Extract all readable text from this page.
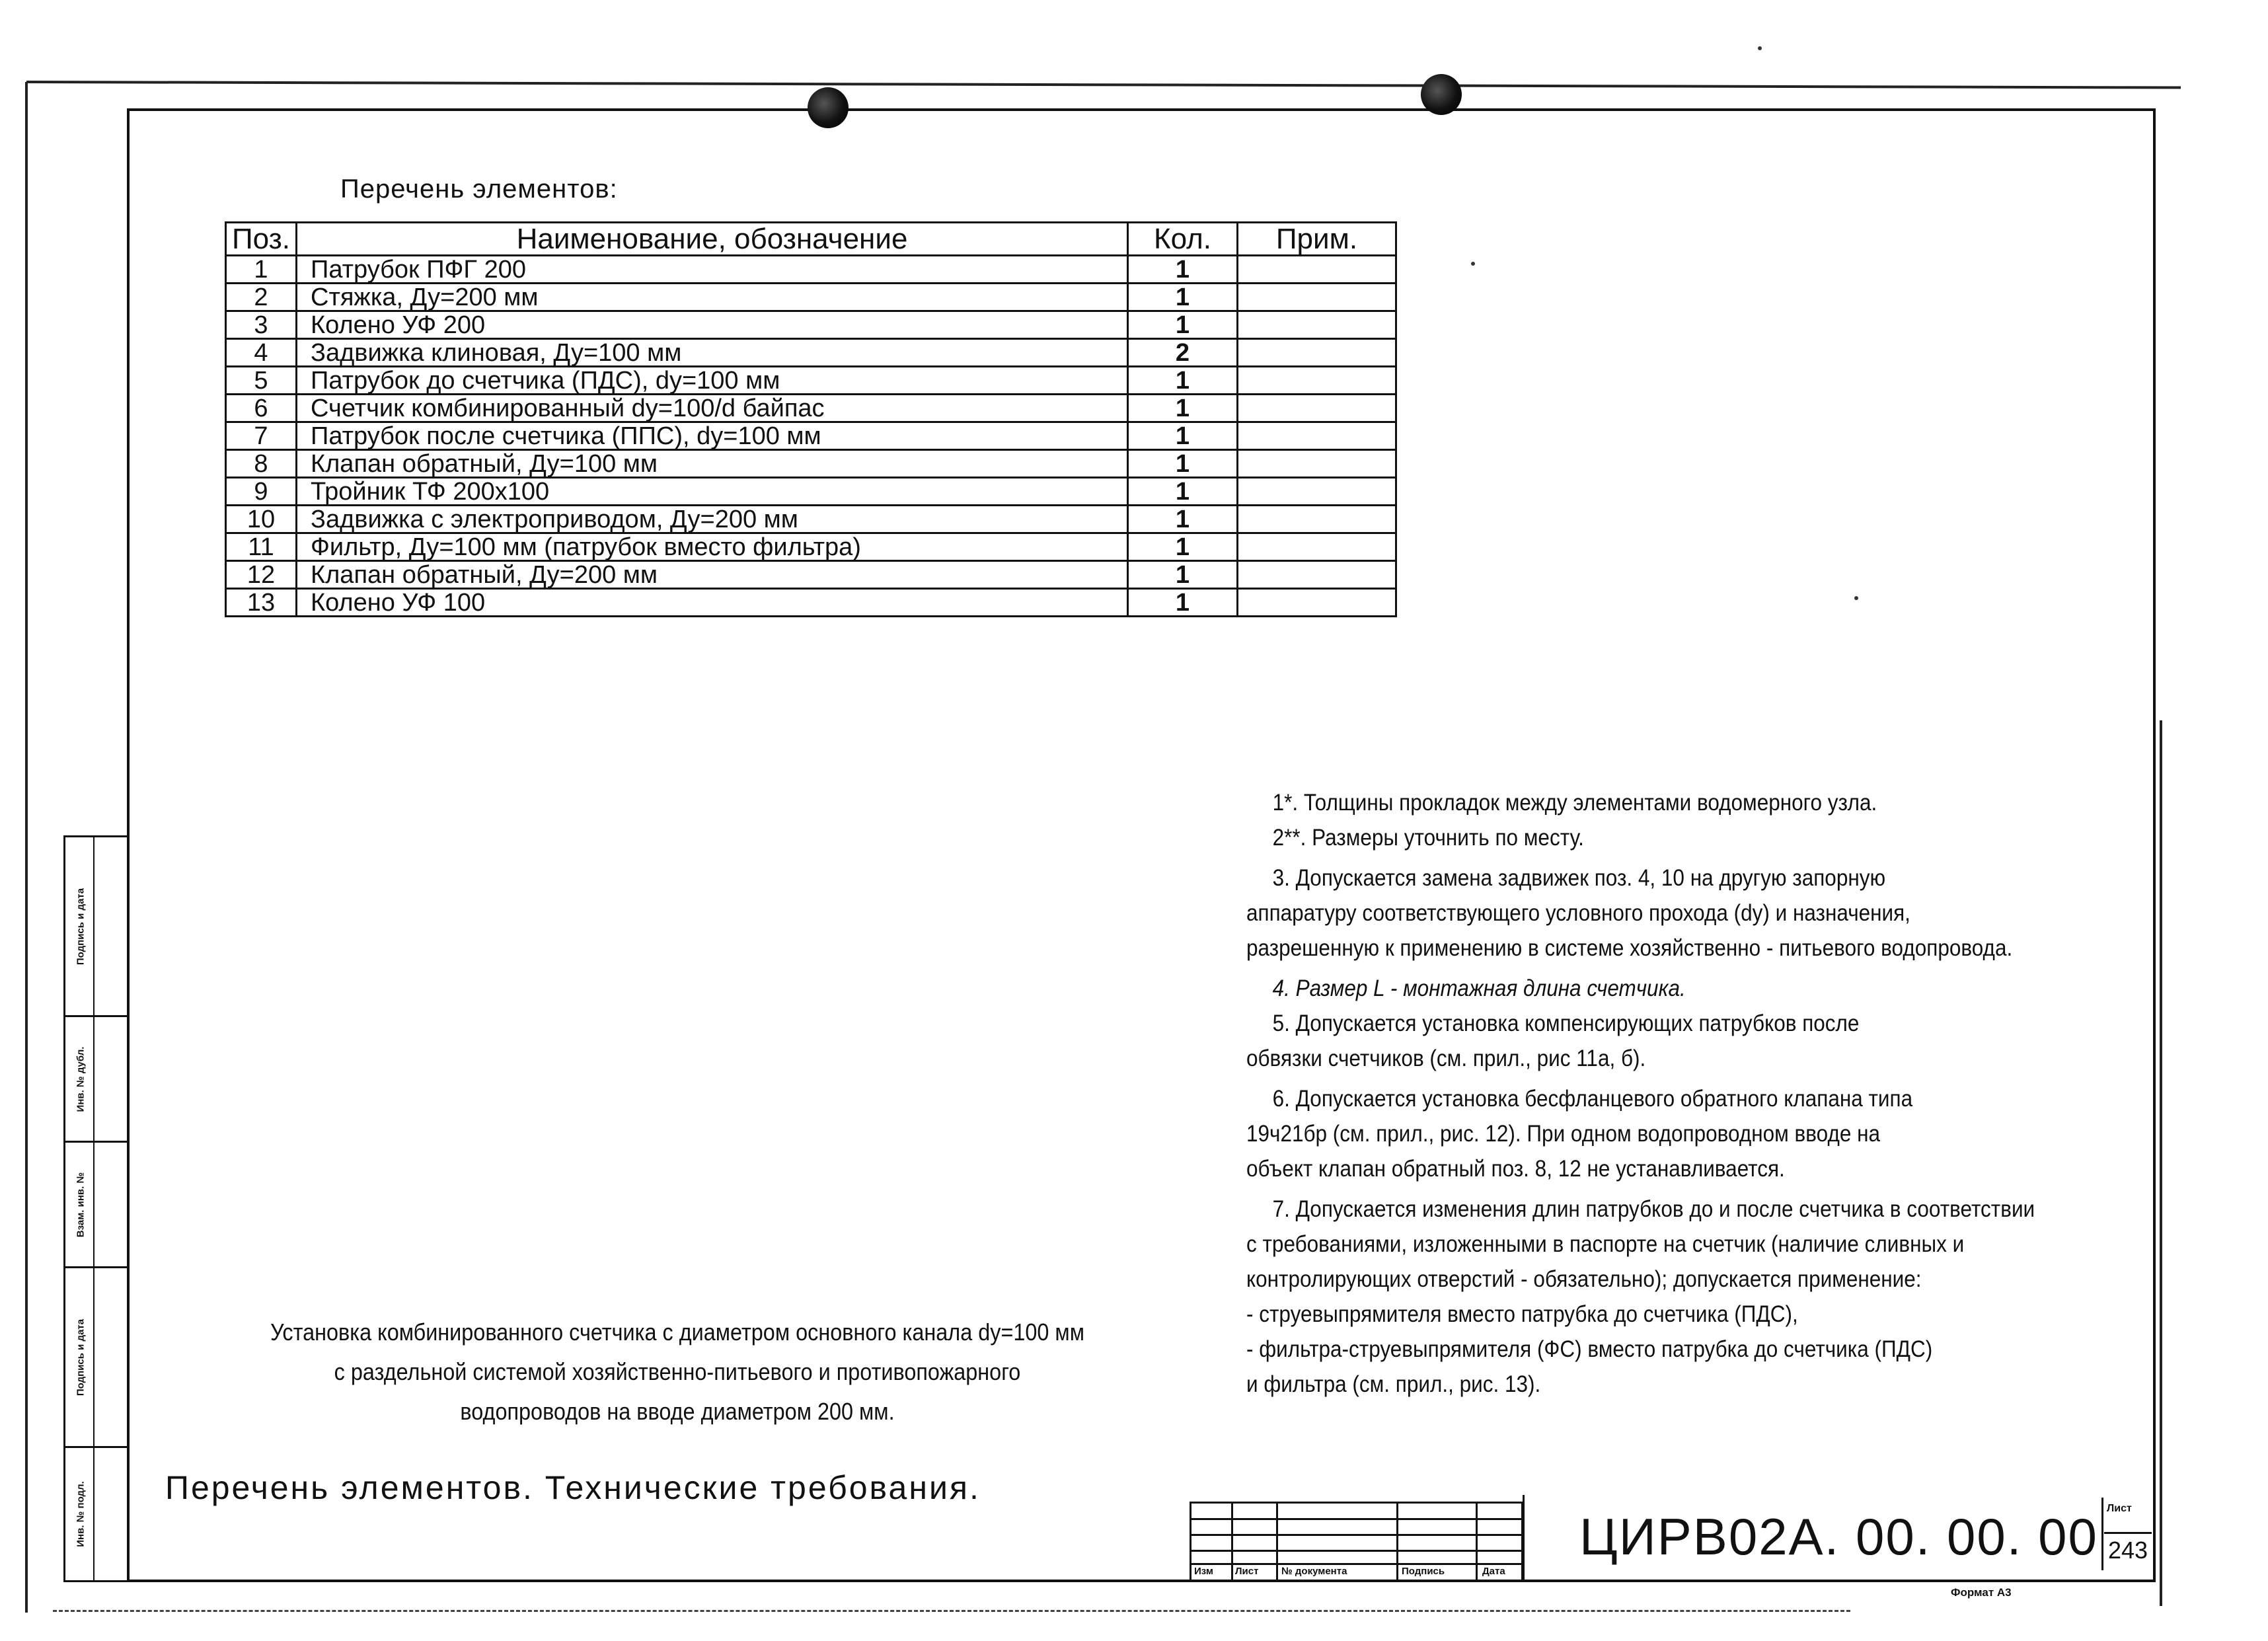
Подпись и дата
Инв. № дубл.
Взам. инв. №
Подпись и дата
Инв. № подл.
Перечень элементов:
Поз.	Наименование, обозначение	Кол.	Прим.
1	Патрубок ПФГ 200	1	
2	Стяжка, Ду=200 мм	1	
3	Колено УФ 200	1	
4	Задвижка клиновая, Ду=100 мм	2	
5	Патрубок до счетчика (ПДС), dy=100 мм	1	
6	Счетчик комбинированный dy=100/d байпас	1	
7	Патрубок после счетчика (ППС), dy=100 мм	1	
8	Клапан обратный, Ду=100 мм	1	
9	Тройник ТФ 200х100	1	
10	Задвижка с электроприводом, Ду=200 мм	1	
11	Фильтр, Ду=100 мм (патрубок вместо фильтра)	1	
12	Клапан обратный, Ду=200 мм	1	
13	Колено УФ 100	1	

1*. Толщины прокладок между элементами водомерного узла.

2**. Размеры уточнить по месту.

3. Допускается замена задвижек поз. 4, 10 на другую запорную

аппаратуру соответствующего условного прохода (dy) и назначения,

разрешенную к применению в системе хозяйственно - питьевого водопровода.

4. Размер L - монтажная длина счетчика.

5. Допускается установка компенсирующих патрубков после

обвязки счетчиков (см. прил., рис 11а, б).

6. Допускается установка бесфланцевого обратного клапана типа

19ч21бр (см. прил., рис. 12). При одном водопроводном вводе на

объект клапан обратный поз. 8, 12 не устанавливается.

7. Допускается изменения длин патрубков до и после счетчика в соответствии

с требованиями, изложенными в паспорте на счетчик (наличие сливных и

контролирующих отверстий - обязательно); допускается применение:

- струевыпрямителя вместо патрубка до счетчика (ПДС),

- фильтра-струевыпрямителя (ФС) вместо патрубка до счетчика (ПДС)

и фильтра (см. прил., рис. 13).

Установка комбинированного счетчика с диаметром основного канала dy=100 мм
с раздельной системой хозяйственно-питьевого и противопожарного
водопроводов на вводе диаметром 200 мм.
Перечень элементов. Технические требования.
Изм Лист № документа	Подпись	Дата
ЦИРВ02А. 00. 00. 00 Лист
243
Формат А3
